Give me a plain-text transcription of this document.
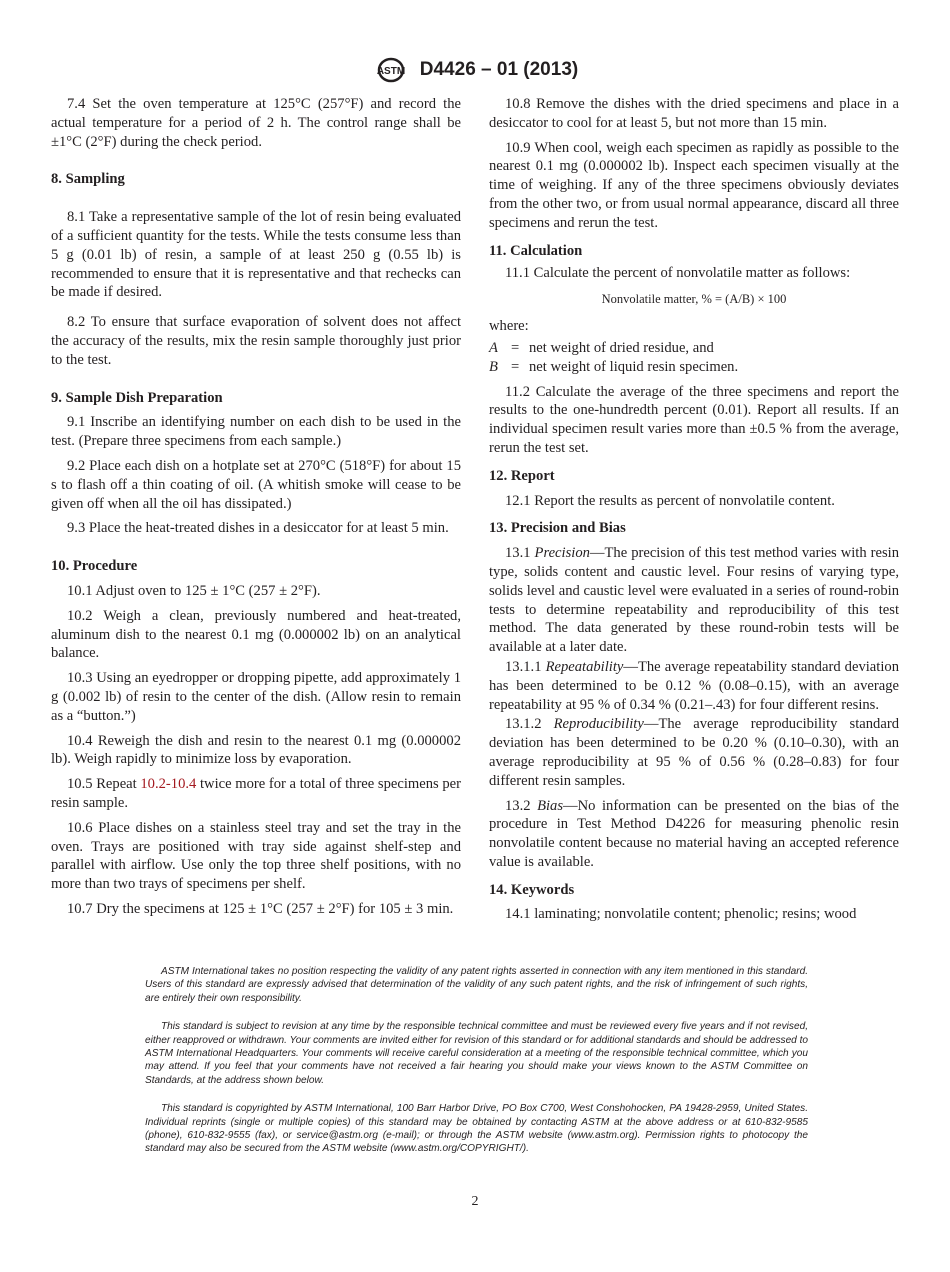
ASTM D4426 – 01 (2013)

7.4 Set the oven temperature at 125°C (257°F) and record the actual temperature for a period of 2 h. The control range shall be ±1°C (2°F) during the check period.

8. Sampling

8.1 Take a representative sample of the lot of resin being evaluated of a sufficient quantity for the tests. While the tests consume less than 5 g (0.01 lb) of resin, a sample of at least 250 g (0.55 lb) is recommended to ensure that it is representative and that rechecks can be made if desired.

8.2 To ensure that surface evaporation of solvent does not affect the accuracy of the results, mix the resin sample thoroughly just prior to the test.

9. Sample Dish Preparation

9.1 Inscribe an identifying number on each dish to be used in the test. (Prepare three specimens from each sample.)

9.2 Place each dish on a hotplate set at 270°C (518°F) for about 15 s to flash off a thin coating of oil. (A whitish smoke will cease to be given off when all the oil has dissipated.)

9.3 Place the heat-treated dishes in a desiccator for at least 5 min.

10. Procedure

10.1 Adjust oven to 125 ± 1°C (257 ± 2°F).

10.2 Weigh a clean, previously numbered and heat-treated, aluminum dish to the nearest 0.1 mg (0.000002 lb) on an analytical balance.

10.3 Using an eyedropper or dropping pipette, add approximately 1 g (0.002 lb) of resin to the center of the dish. (Allow resin to remain as a “button.”)

10.4 Reweigh the dish and resin to the nearest 0.1 mg (0.000002 lb). Weigh rapidly to minimize loss by evaporation.

10.5 Repeat 10.2-10.4 twice more for a total of three specimens per resin sample.

10.6 Place dishes on a stainless steel tray and set the tray in the oven. Trays are positioned with tray side against shelf-step and parallel with airflow. Use only the top three shelf positions, with no more than two trays of specimens per shelf.

10.7 Dry the specimens at 125 ± 1°C (257 ± 2°F) for 105 ± 3 min.

10.8 Remove the dishes with the dried specimens and place in a desiccator to cool for at least 5, but not more than 15 min.

10.9 When cool, weigh each specimen as rapidly as possible to the nearest 0.1 mg (0.000002 lb). Inspect each specimen visually at the time of weighing. If any of the three specimens obviously deviates from the other two, or from usual normal appearance, discard all three specimens and rerun the test.

11. Calculation

11.1 Calculate the percent of nonvolatile matter as follows:

Nonvolatile matter, % = (A/B) × 100
where:
A = net weight of dried residue, and
B = net weight of liquid resin specimen.

11.2 Calculate the average of the three specimens and report the results to the one-hundredth percent (0.01). Report all results. If an individual specimen result varies more than ±0.5 % from the average, rerun the test set.

12. Report

12.1 Report the results as percent of nonvolatile content.

13. Precision and Bias

13.1 Precision—The precision of this test method varies with resin type, solids content and caustic level. Four resins of varying type, solids level and caustic level were evaluated in a series of round-robin tests to determine repeatability and reproducibility of this test method. The data generated by these round-robin tests will be available at a later date.

13.1.1 Repeatability—The average repeatability standard deviation has been determined to be 0.12 % (0.08–0.15), with an average repeatability at 95 % of 0.34 % (0.21–.43) for four different resins.

13.1.2 Reproducibility—The average reproducibility standard deviation has been determined to be 0.20 % (0.10–0.30), with an average reproducibility at 95 % of 0.56 % (0.28–0.83) for four different resin samples.

13.2 Bias—No information can be presented on the bias of the procedure in Test Method D4226 for measuring phenolic resin nonvolatile content because no material having an accepted reference value is available.

14. Keywords

14.1 laminating; nonvolatile content; phenolic; resins; wood

ASTM International takes no position respecting the validity of any patent rights asserted in connection with any item mentioned in this standard. Users of this standard are expressly advised that determination of the validity of any such patent rights, and the risk of infringement of such rights, are entirely their own responsibility.

This standard is subject to revision at any time by the responsible technical committee and must be reviewed every five years and if not revised, either reapproved or withdrawn. Your comments are invited either for revision of this standard or for additional standards and should be addressed to ASTM International Headquarters. Your comments will receive careful consideration at a meeting of the responsible technical committee, which you may attend. If you feel that your comments have not received a fair hearing you should make your views known to the ASTM Committee on Standards, at the address shown below.

This standard is copyrighted by ASTM International, 100 Barr Harbor Drive, PO Box C700, West Conshohocken, PA 19428-2959, United States. Individual reprints (single or multiple copies) of this standard may be obtained by contacting ASTM at the above address or at 610-832-9585 (phone), 610-832-9555 (fax), or service@astm.org (e-mail); or through the ASTM website (www.astm.org). Permission rights to photocopy the standard may also be secured from the ASTM website (www.astm.org/COPYRIGHT/).

2
